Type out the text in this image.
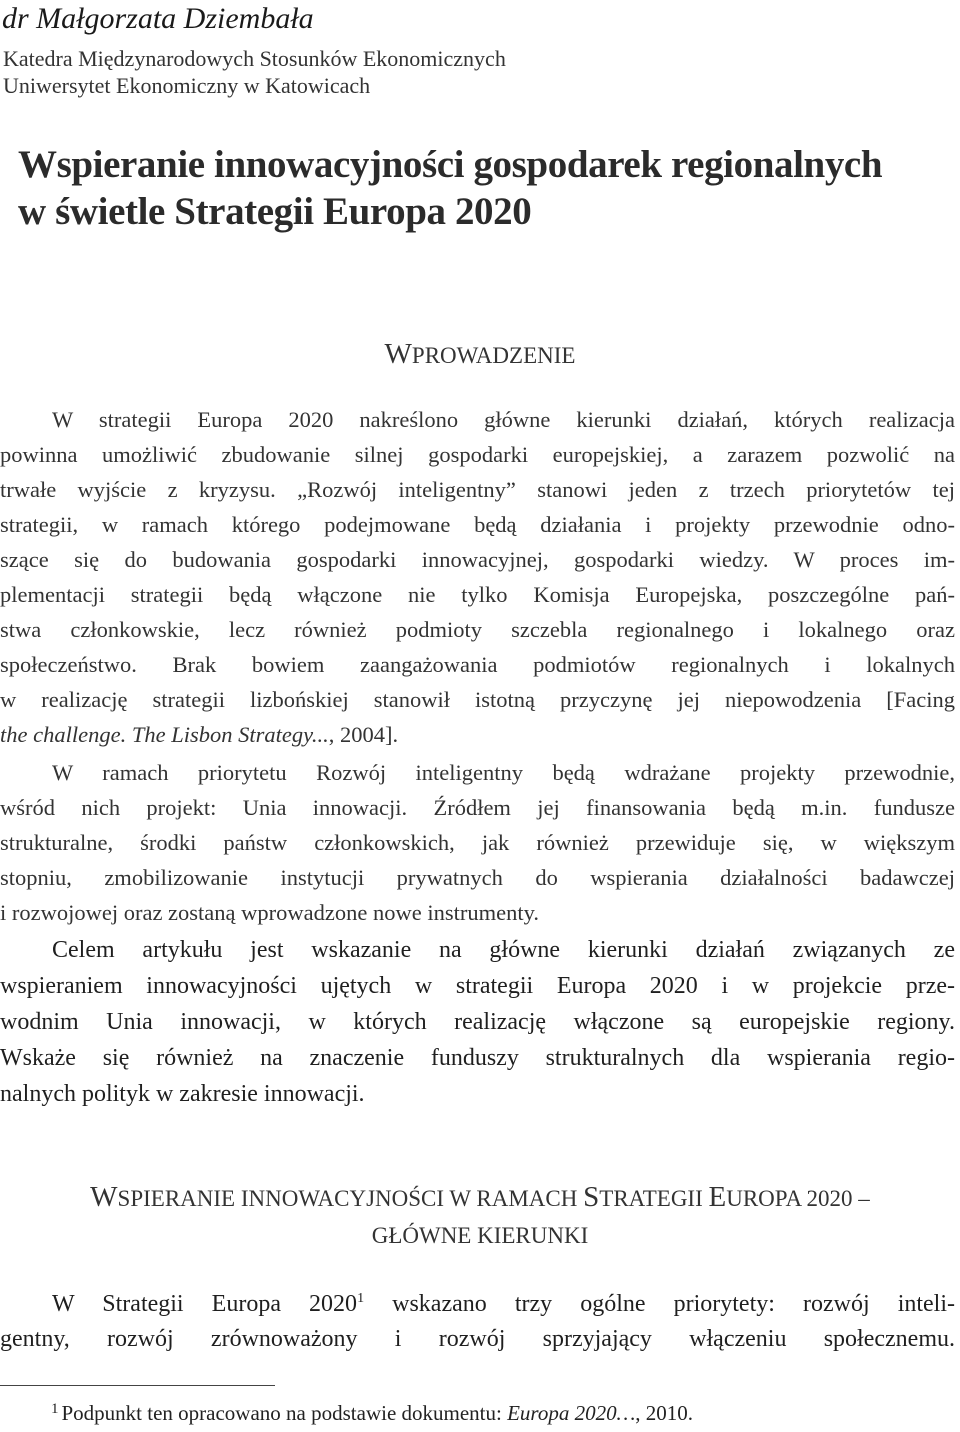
dr Małgorzata Dziembała
Katedra Międzynarodowych Stosunków Ekonomicznych
Uniwersytet Ekonomiczny w Katowicach
Wspieranie innowacyjności gospodarek regionalnych
w świetle Strategii Europa 2020
WPROWADZENIE
W strategii Europa 2020 nakreślono główne kierunki działań, których realizacja
powinna umożliwić zbudowanie silnej gospodarki europejskiej, a zarazem pozwolić na
trwałe wyjście z kryzysu. „Rozwój inteligentny” stanowi jeden z trzech priorytetów tej
strategii, w ramach którego podejmowane będą działania i projekty przewodnie odno-
szące się do budowania gospodarki innowacyjnej, gospodarki wiedzy. W proces im-
plementacji strategii będą włączone nie tylko Komisja Europejska, poszczególne pań-
stwa członkowskie, lecz również podmioty szczebla regionalnego i lokalnego oraz
społeczeństwo. Brak bowiem zaangażowania podmiotów regionalnych i lokalnych
w realizację strategii lizbońskiej stanowił istotną przyczynę jej niepowodzenia [Facing
the challenge. The Lisbon Strategy..., 2004].
W ramach priorytetu Rozwój inteligentny będą wdrażane projekty przewodnie,
wśród nich projekt: Unia innowacji. Źródłem jej finansowania będą m.in. fundusze
strukturalne, środki państw członkowskich, jak również przewiduje się, w większym
stopniu, zmobilizowanie instytucji prywatnych do wspierania działalności badawczej
i rozwojowej oraz zostaną wprowadzone nowe instrumenty.
Celem artykułu jest wskazanie na główne kierunki działań związanych ze
wspieraniem innowacyjności ujętych w strategii Europa 2020 i w projekcie prze-
wodnim Unia innowacji, w których realizację włączone są europejskie regiony.
Wskaże się również na znaczenie funduszy strukturalnych dla wspierania regio-
nalnych polityk w zakresie innowacji.
WSPIERANIE INNOWACYJNOŚCI W RAMACH STRATEGII EUROPA 2020 –
GŁÓWNE KIERUNKI
W Strategii Europa 2020$^1$ wskazano trzy ogólne priorytety: rozwój inteli-
gentny, rozwój zrównoważony i rozwój sprzyjający włączeniu społecznemu.
$^1$ Podpunkt ten opracowano na podstawie dokumentu: Europa 2020…, 2010.
